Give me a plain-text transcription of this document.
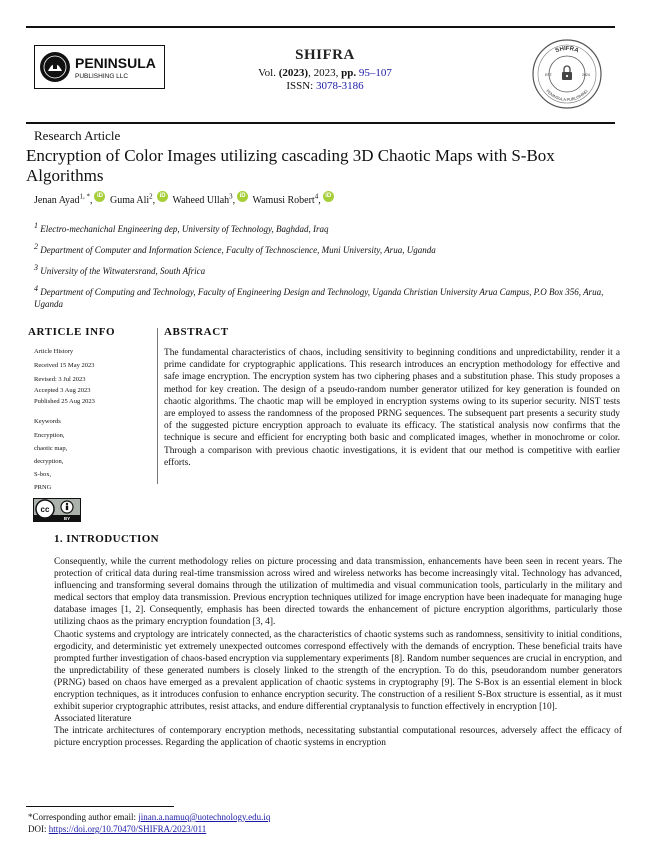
PENINSULA
PUBLISHING LLC
SHIFRA
Vol. (2023), 2023, pp. 95–107
ISSN: 3078-3186
SHIFRA
PENINSULA PUBLISHING
EST.	2024
Research Article
Encryption of Color Images utilizing cascading 3D Chaotic Maps with S-Box Algorithms
Jenan Ayad$^{1, *}$, iD Guma Ali$^2$, iD Waheed Ullah$^3$, iD Wamusi Robert$^4$, iD
$^1$ Electro-mechanichal Engineering dep, University of Technology, Baghdad, Iraq
$^2$ Department of Computer and Information Science, Faculty of Technoscience, Muni University, Arua, Uganda
$^3$ University of the Witwatersrand, South Africa
$^4$ Department of Computing and Technology, Faculty of Engineering Design and Technology, Uganda Christian University Arua Campus, P.O Box 356, Arua, Uganda
ARTICLE INFO
Article History
Received 15 May 2023
Revised: 3 Jul 2023
Accepted 3 Aug 2023
Published 25 Aug 2023
Keywords
Encryption,
chaotic map,
decryption,
S-box,
PRNG
cc
BY
ABSTRACT
The fundamental characteristics of chaos, including sensitivity to beginning conditions and unpredictability, render it a prime candidate for cryptographic applications. This research introduces an encryption methodology for effective and safe image encryption. The encryption system has two ciphering phases and a substitution phase. This study proposes a method for key creation. The design of a pseudo-random number generator utilized for key generation is founded on chaotic algorithms. The chaotic map will be employed in encryption systems owing to its superior security. NIST tests are employed to assess the randomness of the proposed PRNG sequences. The subsequent part presents a security study of the suggested picture encryption approach to evaluate its efficacy. The statistical analysis now confirms that the technique is secure and efficient for encrypting both basic and complicated images, whether in monochrome or color. Through a comparison with previous chaotic investigations, it is evident that our method is competitive with earlier efforts.
1. INTRODUCTION

Consequently, while the current methodology relies on picture processing and data transmission, enhancements have been seen in recent years. The protection of critical data during real-time transmission across wired and wireless networks has become increasingly vital. Technology has advanced, influencing and transforming several domains through the utilization of multimedia and visual communication tools, particularly in the military and medical sectors that employ data transmission. Previous encryption techniques utilized for image encryption have been inadequate for managing huge database images [1, 2]. Consequently, emphasis has been directed towards the enhancement of picture encryption algorithms, particularly those utilizing chaos as the primary encryption foundation [3, 4].

Chaotic systems and cryptology are intricately connected, as the characteristics of chaotic systems such as randomness, sensitivity to initial conditions, ergodicity, and deterministic yet extremely unexpected outcomes correspond effectively with the demands of encryption. These beneficial traits have prompted further investigation of chaos-based encryption via supplementary experiments [8]. Random number sequences are crucial in encryption, and the unpredictability of these generated numbers is closely linked to the strength of the encryption. To do this, pseudorandom number generators (PRNG) based on chaos have emerged as a prevalent application of chaotic systems in cryptography [9]. The S-Box is an essential element in block encryption techniques, as it introduces confusion to enhance encryption security. The construction of a resilient S-Box structure is essential, as it must exhibit superior cryptographic attributes, resist attacks, and endure differential cryptanalysis to function effectively in encryption [10].

Associated literature

The intricate architectures of contemporary encryption methods, necessitating substantial computational resources, adversely affect the efficacy of picture encryption processes. Regarding the application of chaotic systems in encryption

*Corresponding author email: jinan.a.namuq@uotechnology.edu.iq
DOI: https://doi.org/10.70470/SHIFRA/2023/011
